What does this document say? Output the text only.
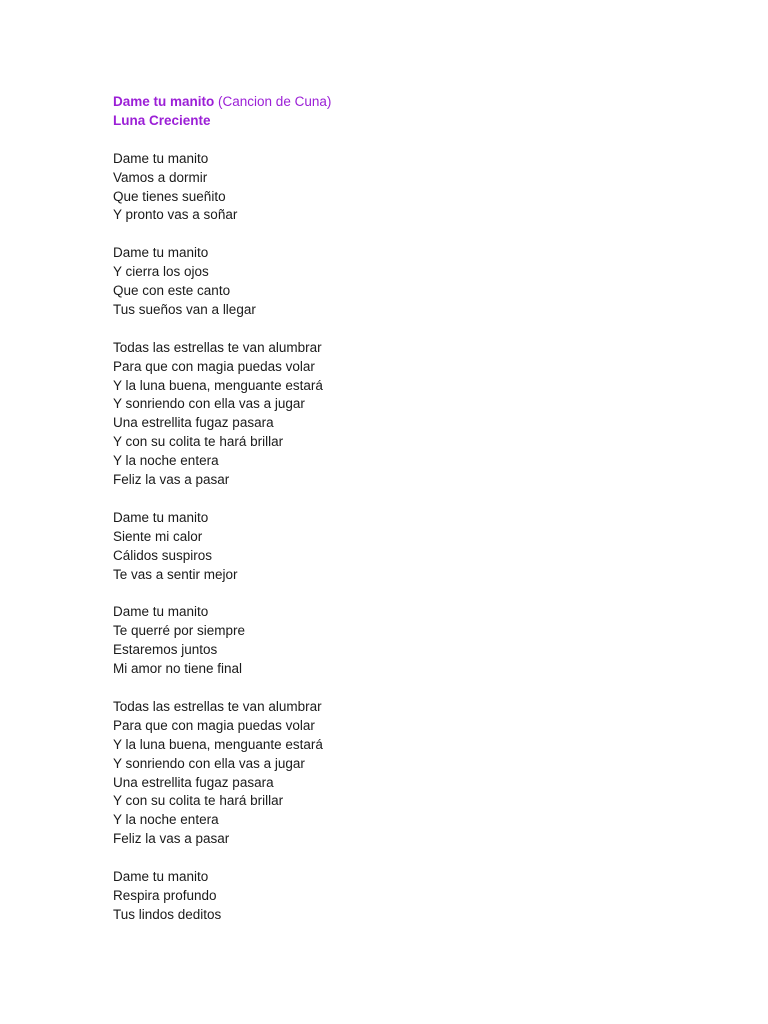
Dame tu manito (Cancion de Cuna)
Luna Creciente
Dame tu manito
Vamos a dormir
Que tienes sueñito
Y pronto vas a soñar
Dame tu manito
Y cierra los ojos
Que con este canto
Tus sueños van a llegar
Todas las estrellas te van alumbrar
Para que con magia puedas volar
Y la luna buena, menguante estará
Y sonriendo con ella vas a jugar
Una estrellita fugaz pasara
Y con su colita te hará brillar
Y la noche entera
Feliz la vas a pasar
Dame tu manito
Siente mi calor
Cálidos suspiros
Te vas a sentir mejor
Dame tu manito
Te querré por siempre
Estaremos juntos
Mi amor no tiene final
Todas las estrellas te van alumbrar
Para que con magia puedas volar
Y la luna buena, menguante estará
Y sonriendo con ella vas a jugar
Una estrellita fugaz pasara
Y con su colita te hará brillar
Y la noche entera
Feliz la vas a pasar
Dame tu manito
Respira profundo
Tus lindos deditos
